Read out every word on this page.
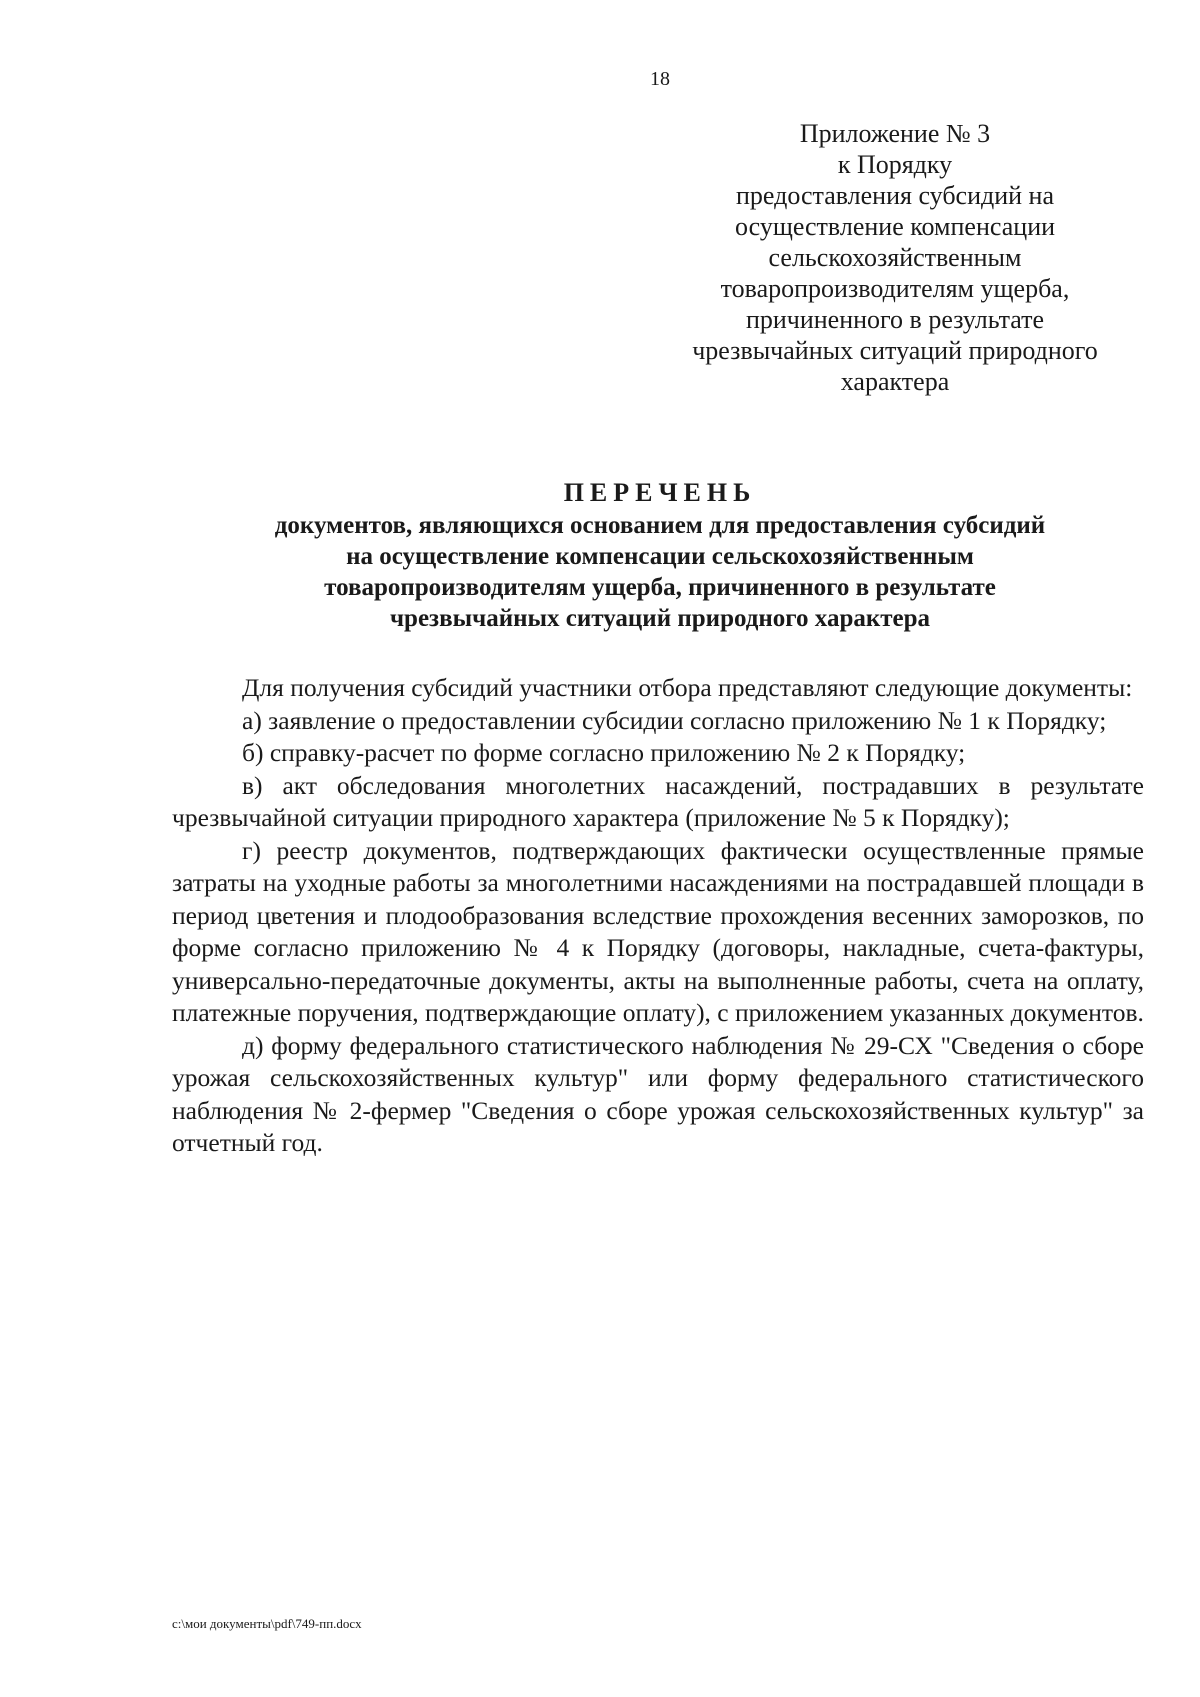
18
Приложение № 3
к Порядку
предоставления субсидий на
осуществление компенсации
сельскохозяйственным
товаропроизводителям ущерба,
причиненного в результате
чрезвычайных ситуаций природного
характера
ПЕРЕЧЕНЬ
документов, являющихся основанием для предоставления субсидий
на осуществление компенсации сельскохозяйственным
товаропроизводителям ущерба, причиненного в результате
чрезвычайных ситуаций природного характера

Для получения субсидий участники отбора представляют следующие документы:

а) заявление о предоставлении субсидии согласно приложению № 1 к Порядку;

б) справку-расчет по форме согласно приложению № 2 к Порядку;

в) акт обследования многолетних насаждений, пострадавших в результате чрезвычайной ситуации природного характера (приложение № 5 к Порядку);

г) реестр документов, подтверждающих фактически осуществленные прямые затраты на уходные работы за многолетними насаждениями на пострадавшей площади в период цветения и плодообразования вследствие прохождения весенних заморозков, по форме согласно приложению № 4 к Порядку (договоры, накладные, счета-фактуры, универсально-передаточные документы, акты на выполненные работы, счета на оплату, платежные поручения, подтверждающие оплату), с приложением указанных документов.

д) форму федерального статистического наблюдения № 29-СХ "Сведения о сборе урожая сельскохозяйственных культур" или форму федерального статистического наблюдения № 2-фермер "Сведения о сборе урожая сельскохозяйственных культур" за отчетный год.

c:\мои документы\pdf\749-пп.docx
